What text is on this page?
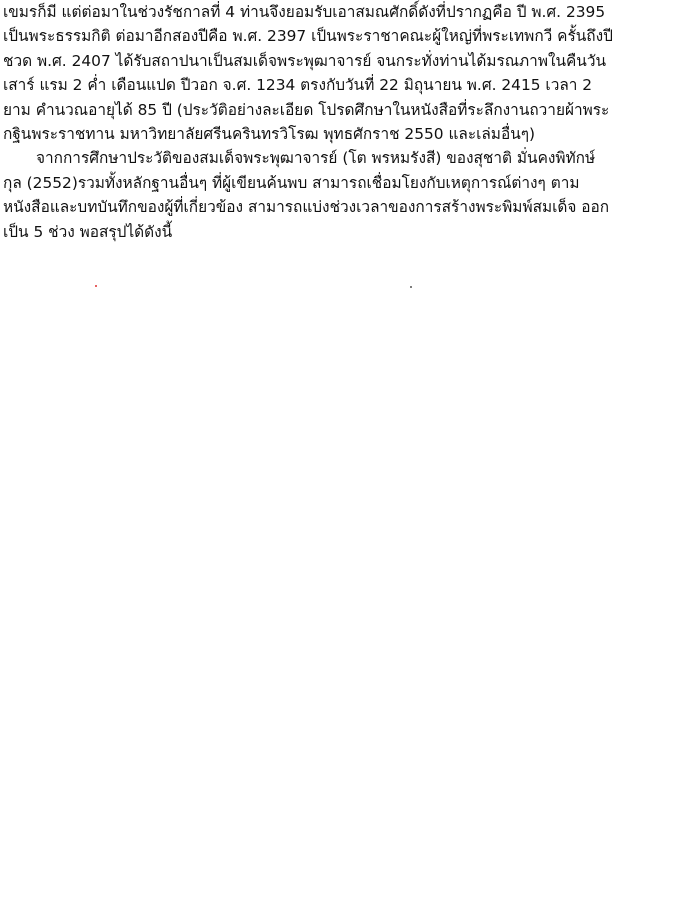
เขมรก็มี แต่ต่อมาในช่วงรัชกาลที่ 4 ท่านจึงยอมรับเอาสมณศักดิ์ดังที่ปรากฏคือ ปี พ.ศ. 2395
เป็นพระธรรมกิติ ต่อมาอีกสองปีคือ พ.ศ. 2397 เป็นพระราชาคณะผู้ใหญ่ที่พระเทพกวี ครั้นถึงปี
ชวด พ.ศ. 2407 ได้รับสถาปนาเป็นสมเด็จพระพุฒาจารย์ จนกระทั่งท่านได้มรณภาพในคืนวัน
เสาร์ แรม 2 ค่ำ เดือนแปด ปีวอก จ.ศ. 1234 ตรงกับวันที่ 22 มิถุนายน พ.ศ. 2415 เวลา 2
ยาม คำนวณอายุได้ 85 ปี (ประวัติอย่างละเอียด โปรดศึกษาในหนังสือที่ระลึกงานถวายผ้าพระ
กฐินพระราชทาน มหาวิทยาลัยศรีนครินทรวิโรฒ พุทธศักราช 2550 และเล่มอื่นๆ)
จากการศึกษาประวัติของสมเด็จพระพุฒาจารย์ (โต พรหมรังสี) ของสุชาติ มั่นคงพิทักษ์
กุล (2552)รวมทั้งหลักฐานอื่นๆ ที่ผู้เขียนค้นพบ สามารถเชื่อมโยงกับเหตุการณ์ต่างๆ ตาม
หนังสือและบทบันทึกของผู้ที่เกี่ยวข้อง สามารถแบ่งช่วงเวลาของการสร้างพระพิมพ์สมเด็จ ออก
เป็น 5 ช่วง พอสรุปได้ดังนี้
